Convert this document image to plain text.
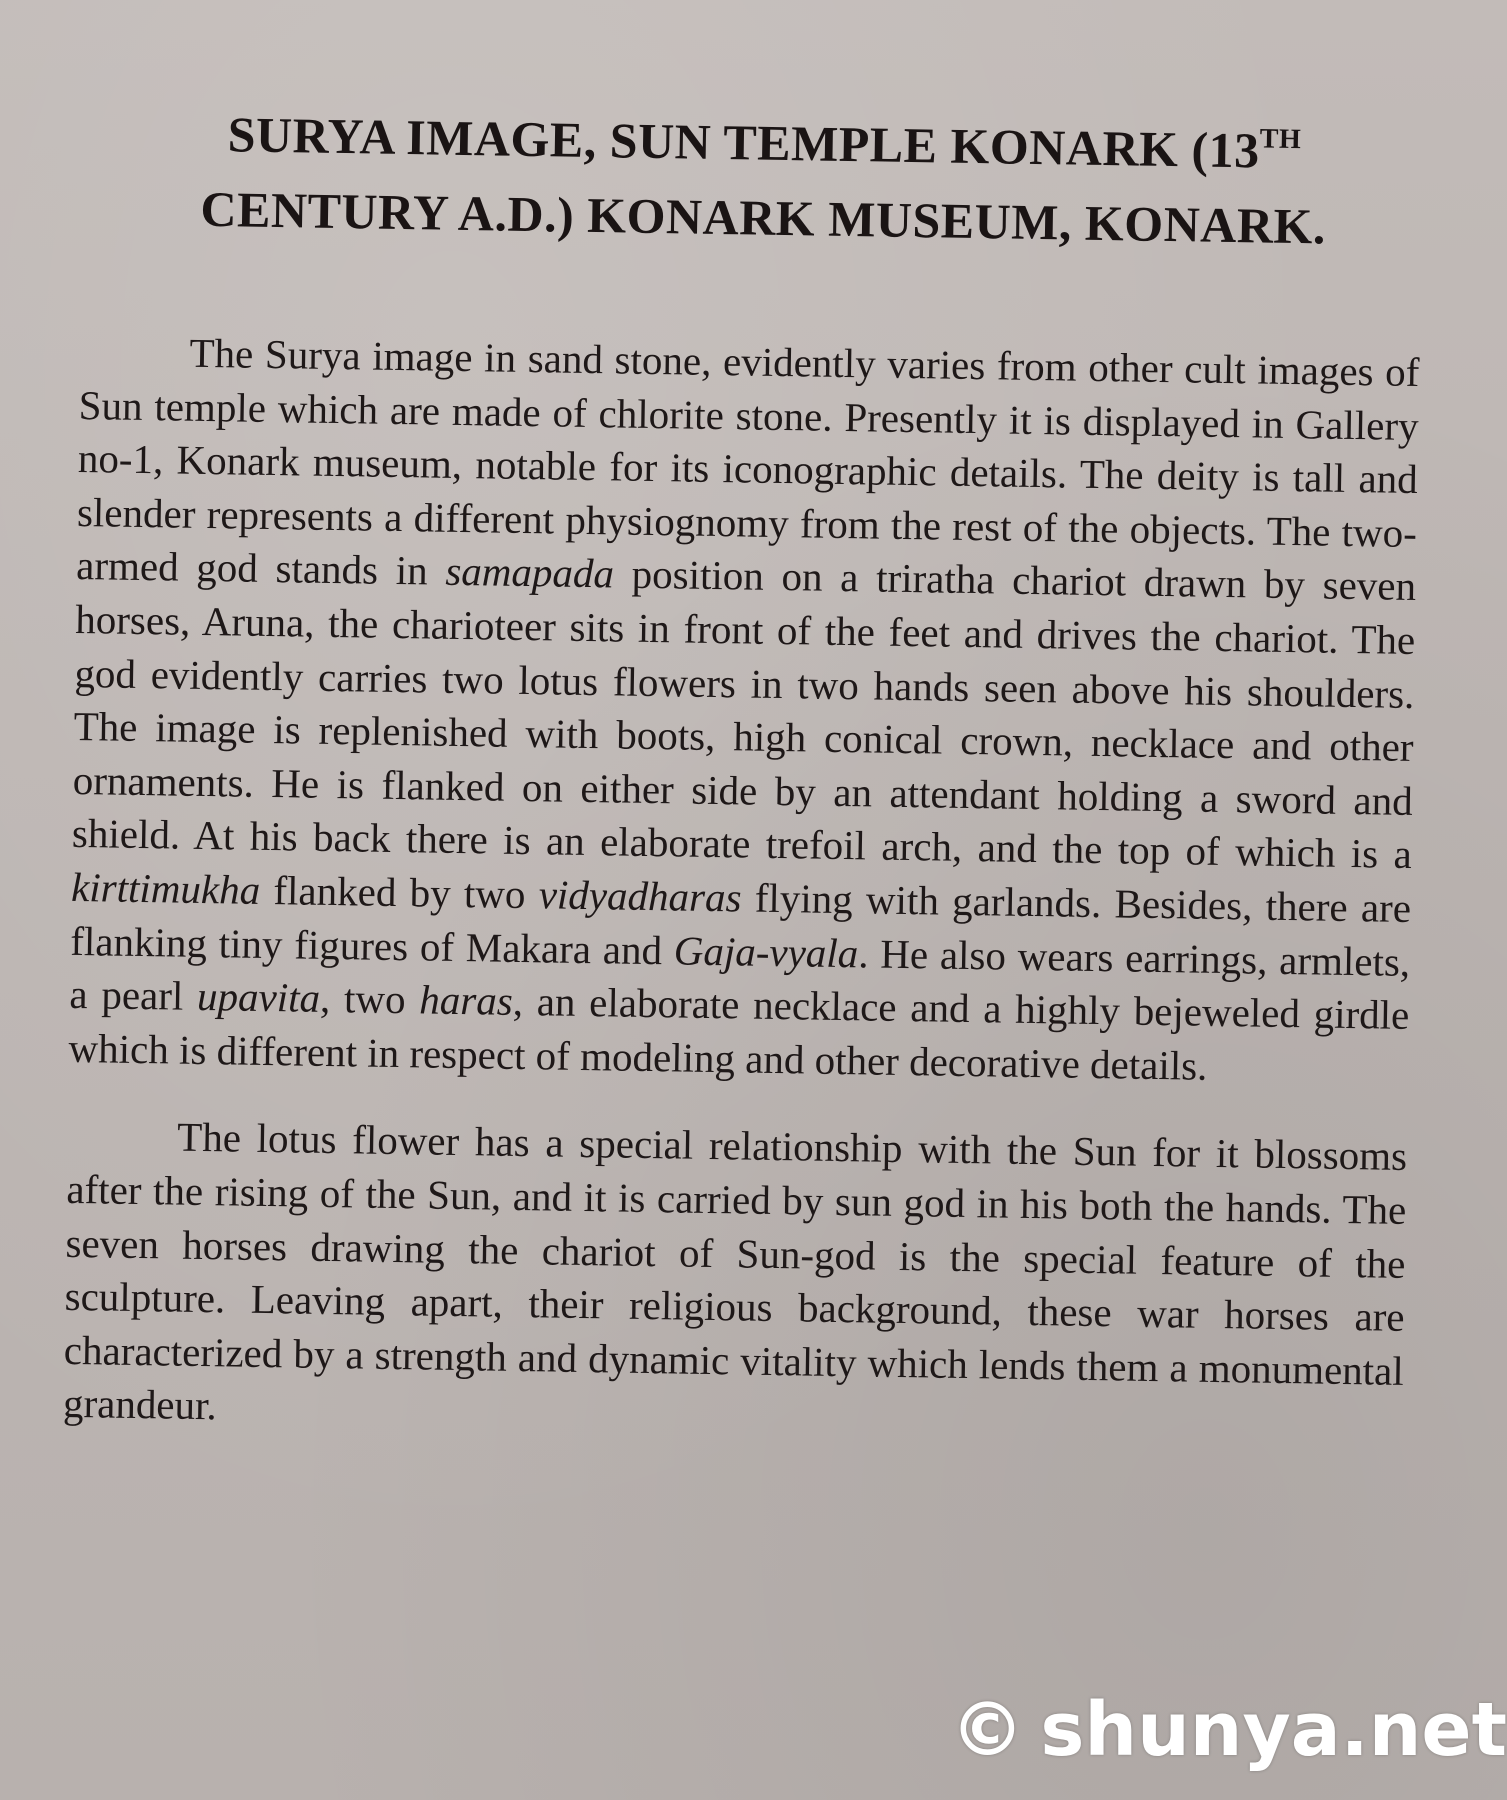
SURYA IMAGE, SUN TEMPLE KONARK (13TH
CENTURY A.D.) KONARK MUSEUM, KONARK.

The Surya image in sand stone, evidently varies from other cult images of Sun temple which are made of chlorite stone. Presently it is displayed in Gallery no-1, Konark museum, notable for its iconographic details. The deity is tall and slender represents a different physiognomy from the rest of the objects. The two- armed god stands in samapada position on a triratha chariot drawn by seven horses, Aruna, the charioteer sits in front of the feet and drives the chariot. The god evidently carries two lotus flowers in two hands seen above his shoulders. The image is replenished with boots, high conical crown, necklace and other ornaments. He is flanked on either side by an attendant holding a sword and shield. At his back there is an elaborate trefoil arch, and the top of which is a kirttimukha flanked by two vidyadharas flying with garlands. Besides, there are flanking tiny figures of Makara and Gaja-vyala. He also wears earrings, armlets, a pearl upavita, two haras, an elaborate necklace and a highly bejeweled girdle which is different in respect of modeling and other decorative details.

The lotus flower has a special relationship with the Sun for it blossoms after the rising of the Sun, and it is carried by sun god in his both the hands. The seven horses drawing the chariot of Sun-god is the special feature of the sculpture. Leaving apart, their religious background, these war horses are characterized by a strength and dynamic vitality which lends them a monumental grandeur.

© shunya.net
